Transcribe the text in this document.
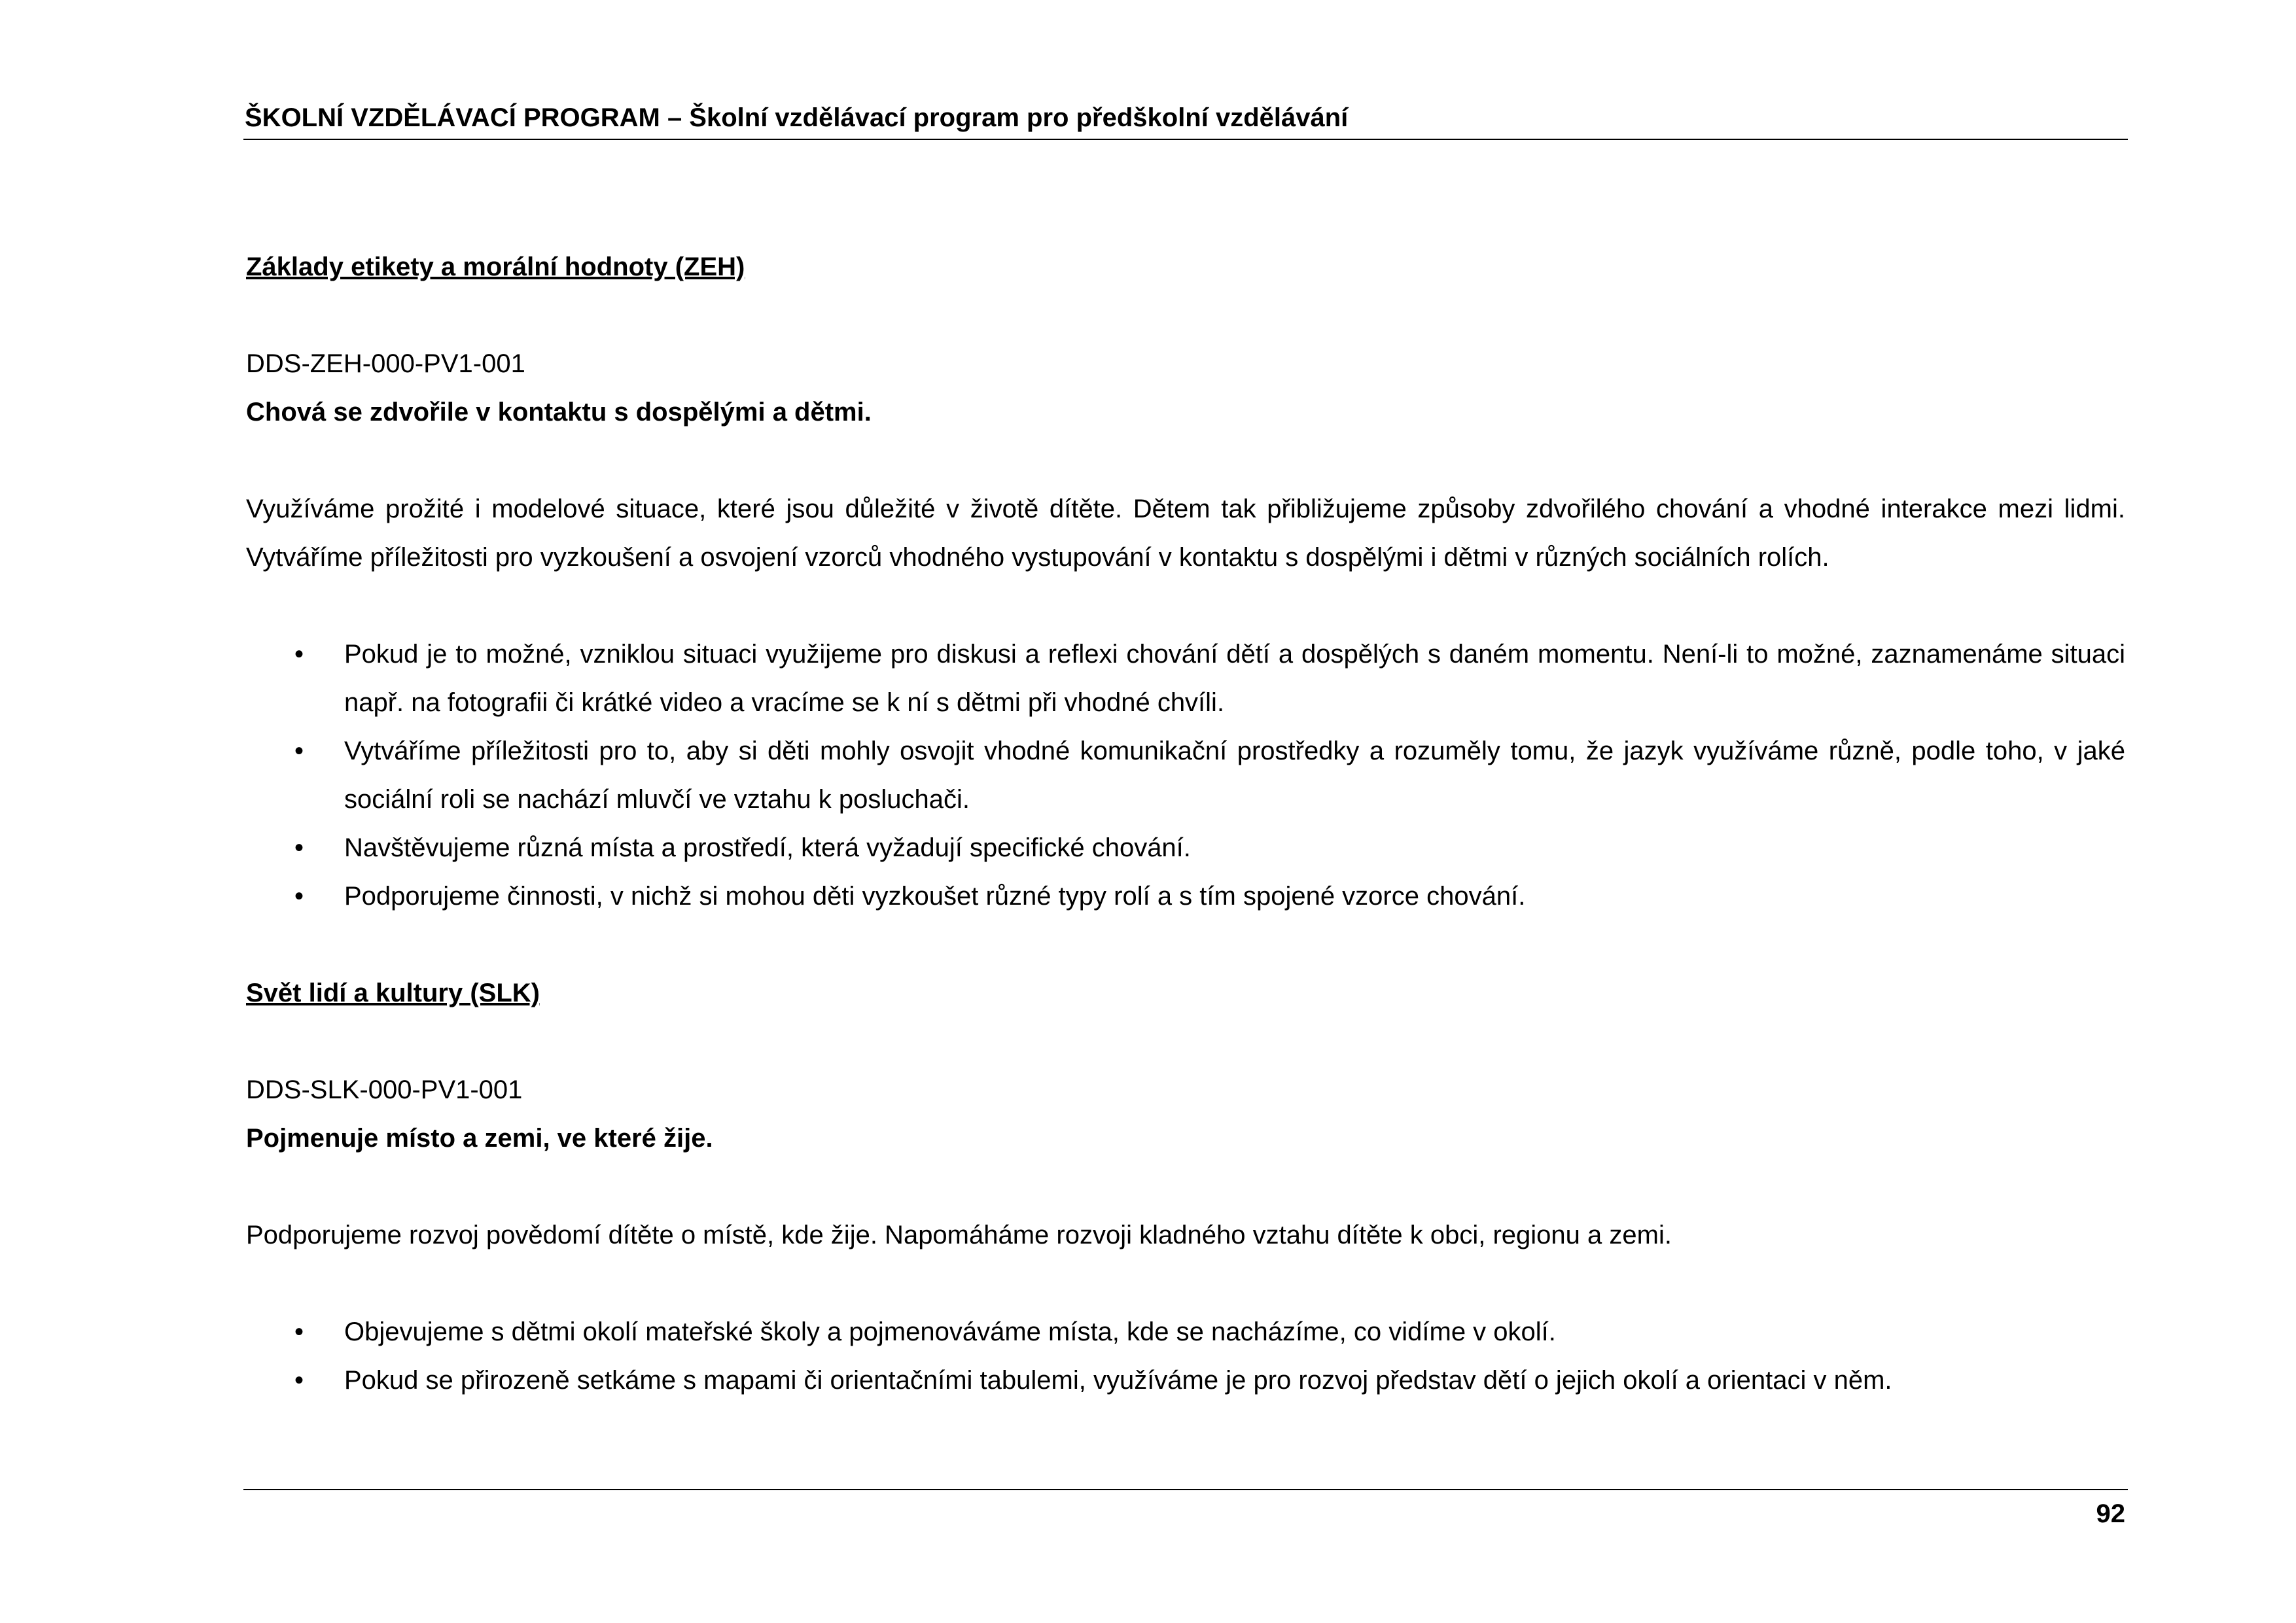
ŠKOLNÍ VZDĚLÁVACÍ PROGRAM – Školní vzdělávací program pro předškolní vzdělávání

Základy etikety a morální hodnoty (ZEH)

DDS-ZEH-000-PV1-001

Chová se zdvořile v kontaktu s dospělými a dětmi.

Využíváme prožité i modelové situace, které jsou důležité v životě dítěte. Dětem tak přibližujeme způsoby zdvořilého chování a vhodné interakce mezi lidmi. Vytváříme příležitosti pro vyzkoušení a osvojení vzorců vhodného vystupování v kontaktu s dospělými i dětmi v různých sociálních rolích.

• Pokud je to možné, vzniklou situaci využijeme pro diskusi a reflexi chování dětí a dospělých s daném momentu. Není-li to možné, zaznamenáme situaci např. na fotografii či krátké video a vracíme se k ní s dětmi při vhodné chvíli.
• Vytváříme příležitosti pro to, aby si děti mohly osvojit vhodné komunikační prostředky a rozuměly tomu, že jazyk využíváme různě, podle toho, v jaké sociální roli se nachází mluvčí ve vztahu k posluchači.
• Navštěvujeme různá místa a prostředí, která vyžadují specifické chování.
• Podporujeme činnosti, v nichž si mohou děti vyzkoušet různé typy rolí a s tím spojené vzorce chování.

Svět lidí a kultury (SLK)

DDS-SLK-000-PV1-001

Pojmenuje místo a zemi, ve které žije.

Podporujeme rozvoj povědomí dítěte o místě, kde žije. Napomáháme rozvoji kladného vztahu dítěte k obci, regionu a zemi.

• Objevujeme s dětmi okolí mateřské školy a pojmenováváme místa, kde se nacházíme, co vidíme v okolí.
• Pokud se přirozeně setkáme s mapami či orientačními tabulemi, využíváme je pro rozvoj představ dětí o jejich okolí a orientaci v něm.
92
